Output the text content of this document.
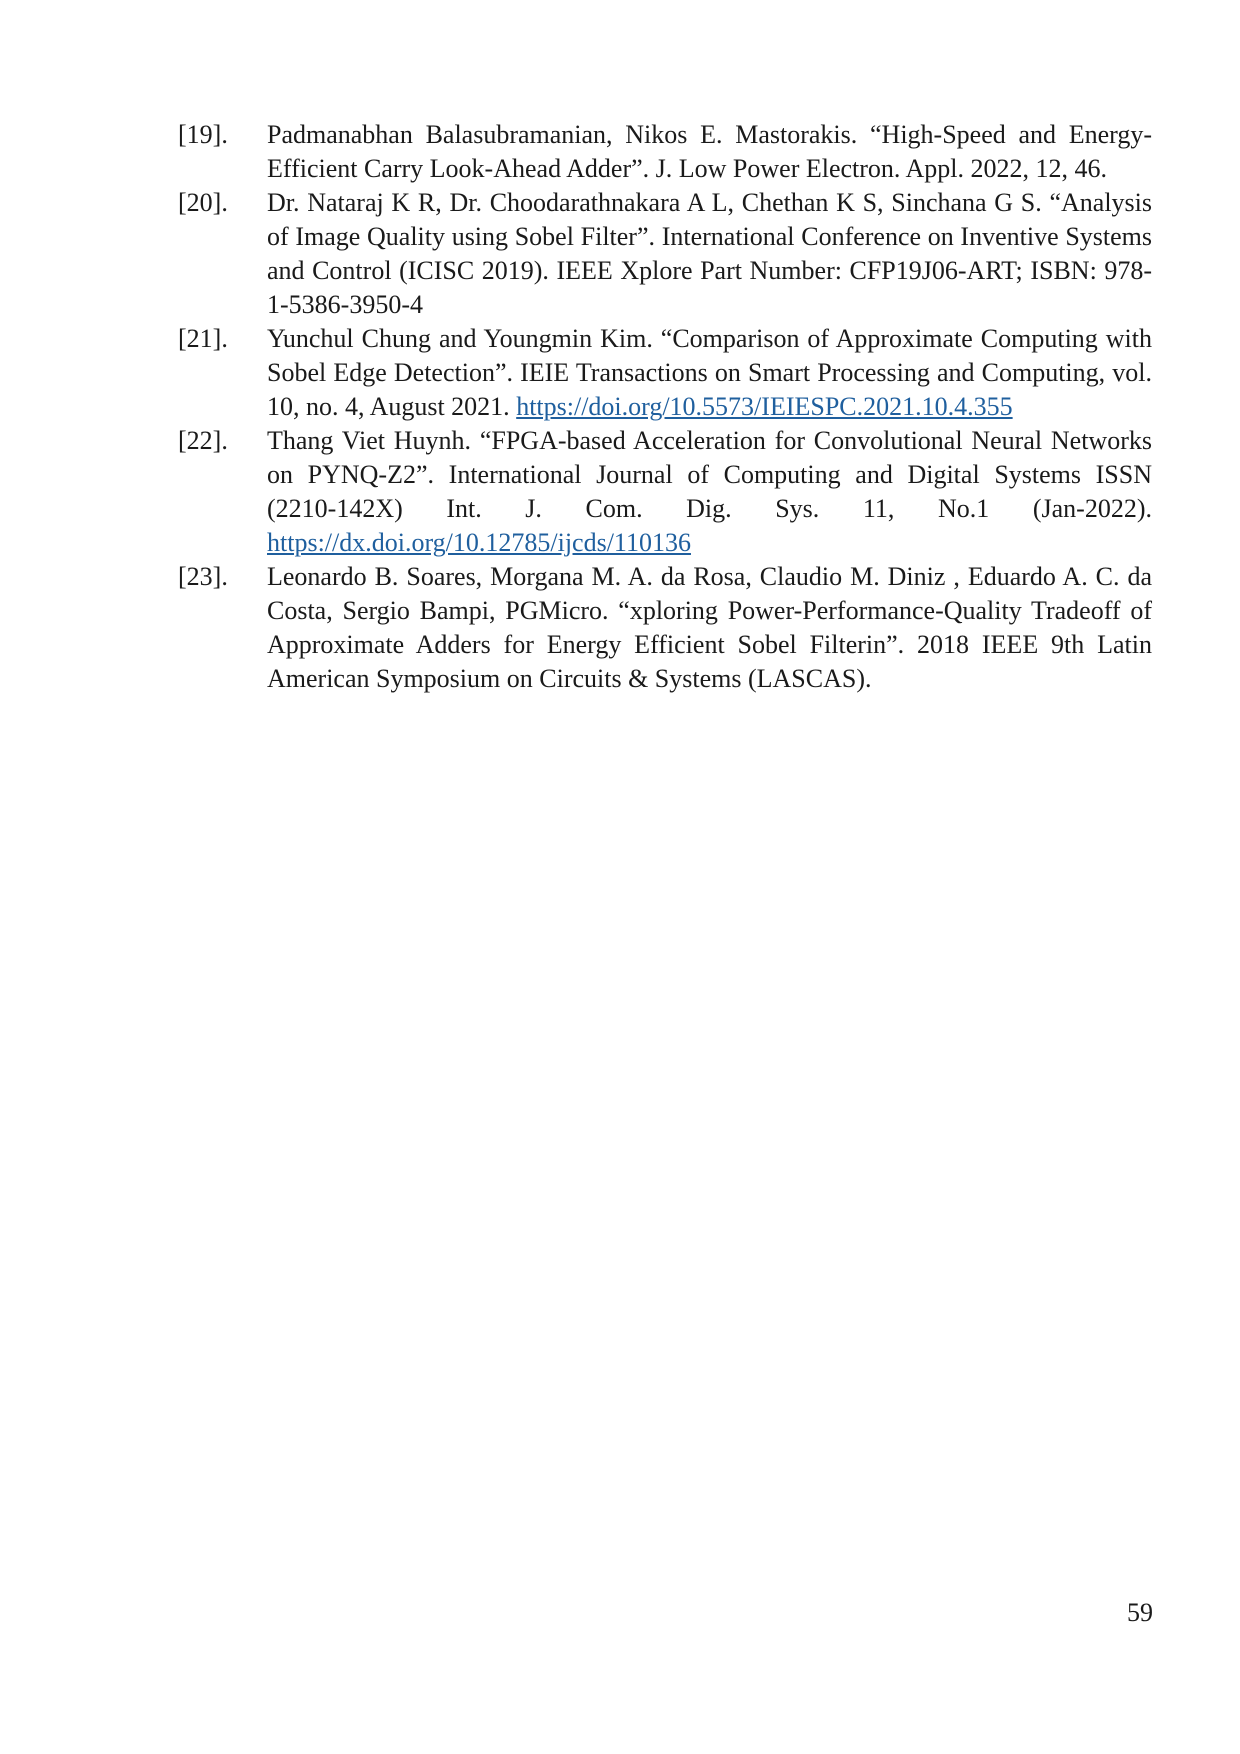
[19].	Padmanabhan Balasubramanian, Nikos E. Mastorakis. “High-Speed and Energy-Efficient Carry Look-Ahead Adder”. J. Low Power Electron. Appl. 2022, 12, 46.
[20].	Dr. Nataraj K R, Dr. Choodarathnakara A L, Chethan K S, Sinchana G S. “Analysis of Image Quality using Sobel Filter”. International Conference on Inventive Systems and Control (ICISC 2019). IEEE Xplore Part Number: CFP19J06-ART; ISBN: 978-1-5386-3950-4
[21].	Yunchul Chung and Youngmin Kim. “Comparison of Approximate Computing with Sobel Edge Detection”. IEIE Transactions on Smart Processing and Computing, vol. 10, no. 4, August 2021. https://doi.org/10.5573/IEIESPC.2021.10.4.355
[22].	Thang Viet Huynh. “FPGA-based Acceleration for Convolutional Neural Networks on PYNQ-Z2”. International Journal of Computing and Digital Systems ISSN (2210-142X) Int. J. Com. Dig. Sys. 11, No.1 (Jan-2022). https://dx.doi.org/10.12785/ijcds/110136
[23].	Leonardo B. Soares, Morgana M. A. da Rosa, Claudio M. Diniz , Eduardo A. C. da Costa, Sergio Bampi, PGMicro. “xploring Power-Performance-Quality Tradeoff of Approximate Adders for Energy Efficient Sobel Filterin”. 2018 IEEE 9th Latin American Symposium on Circuits & Systems (LASCAS).
59
